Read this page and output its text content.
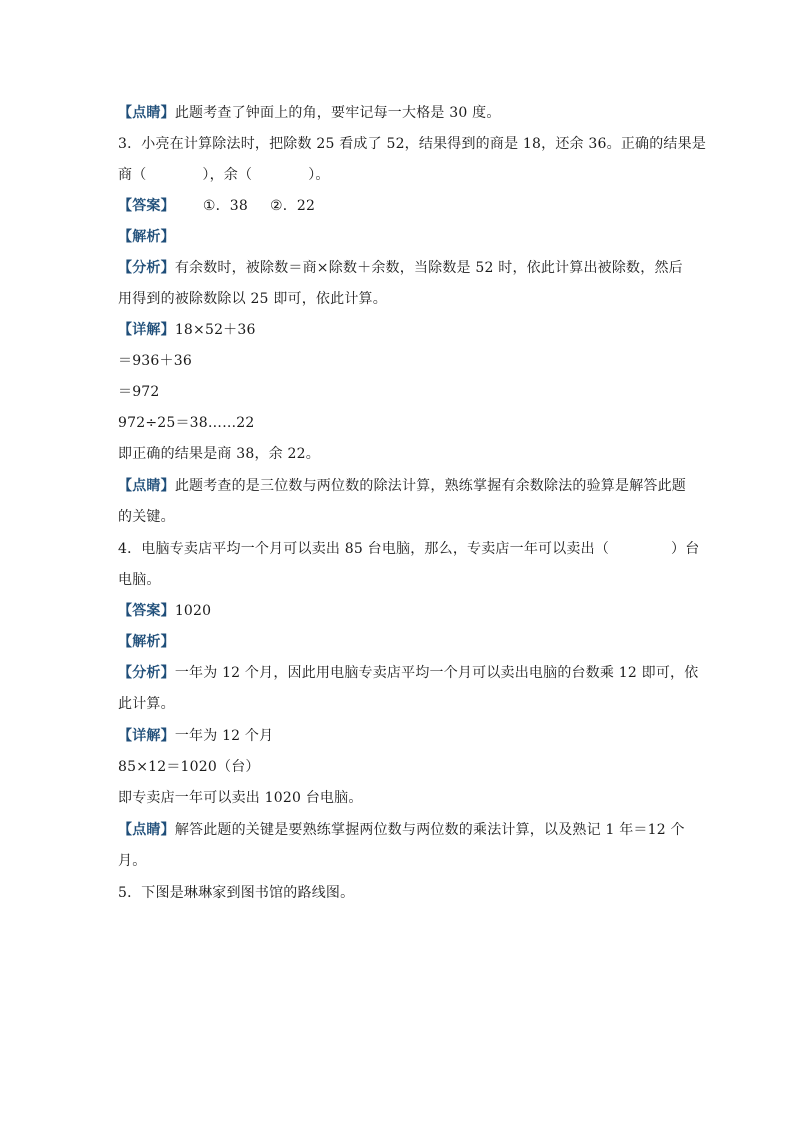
【点睛】此题考查了钟面上的角，要牢记每一大格是 30 度。
3．小亮在计算除法时，把除数 25 看成了 52，结果得到的商是 18，还余 36。正确的结果是
商（	），余（	）。
【答案】 ①．38 ②．22
【解析】
【分析】有余数时，被除数＝商×除数＋余数，当除数是 52 时，依此计算出被除数，然后
用得到的被除数除以 25 即可，依此计算。
【详解】18×52＋36
＝936＋36
＝972
972÷25＝38……22
即正确的结果是商 38，余 22。
【点睛】此题考查的是三位数与两位数的除法计算，熟练掌握有余数除法的验算是解答此题
的关键。
4．电脑专卖店平均一个月可以卖出 85 台电脑，那么，专卖店一年可以卖出（	）台
电脑。
【答案】1020
【解析】
【分析】一年为 12 个月，因此用电脑专卖店平均一个月可以卖出电脑的台数乘 12 即可，依
此计算。
【详解】一年为 12 个月
85×12＝1020（台）
即专卖店一年可以卖出 1020 台电脑。
【点睛】解答此题的关键是要熟练掌握两位数与两位数的乘法计算，以及熟记 1 年＝12 个
月。
5．下图是琳琳家到图书馆的路线图。
